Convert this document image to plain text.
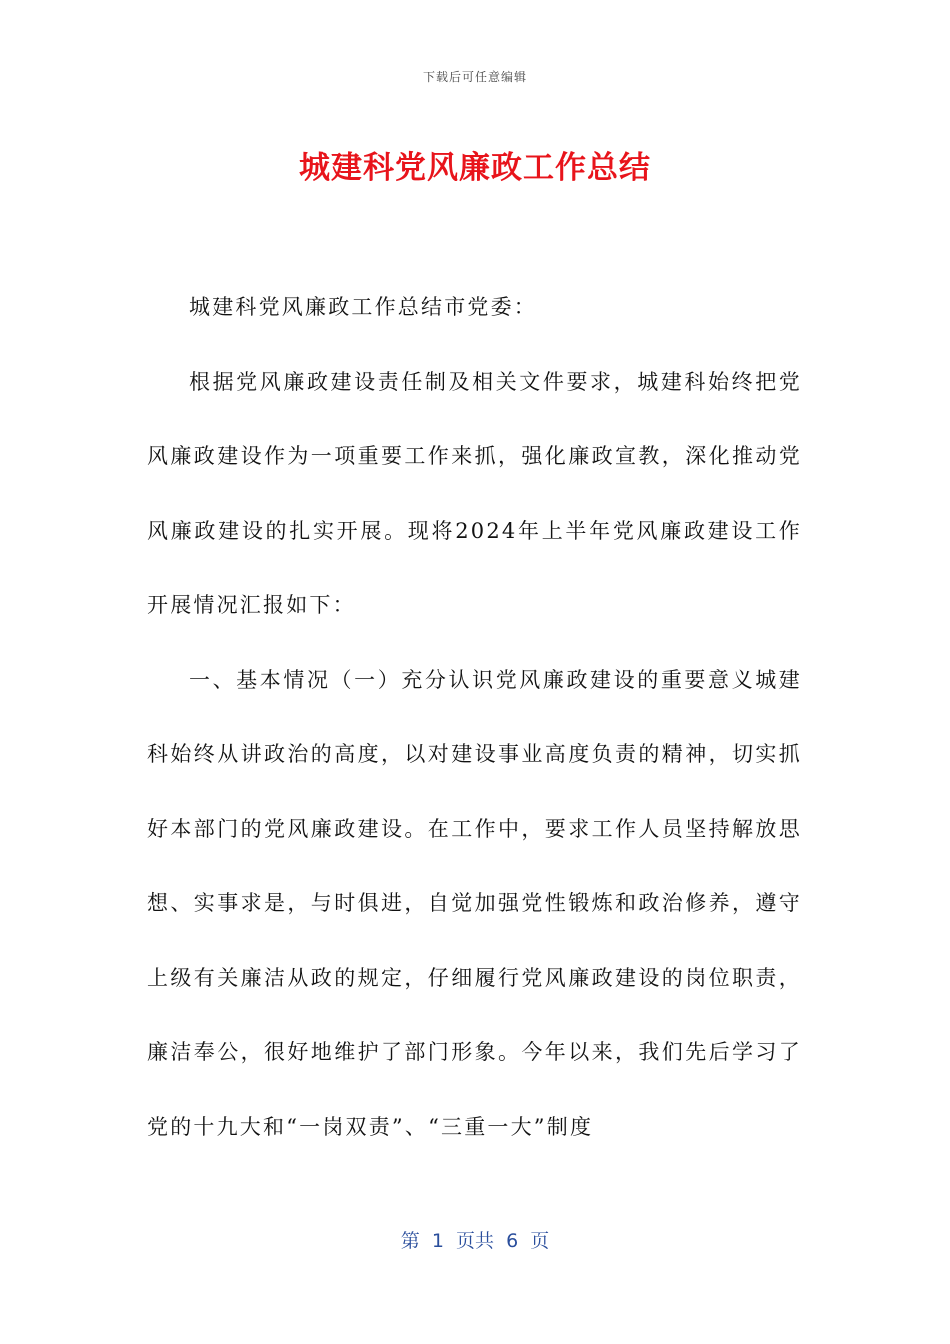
下载后可任意编辑
城建科党风廉政工作总结

城建科党风廉政工作总结市党委：

根据党风廉政建设责任制及相关文件要求，城建科始终把党风廉政建设作为一项重要工作来抓，强化廉政宣教，深化推动党风廉政建设的扎实开展。现将2024年上半年党风廉政建设工作开展情况汇报如下：

一、基本情况（一）充分认识党风廉政建设的重要意义城建科始终从讲政治的高度，以对建设事业高度负责的精神，切实抓好本部门的党风廉政建设。在工作中，要求工作人员坚持解放思想、实事求是，与时俱进，自觉加强党性锻炼和政治修养，遵守上级有关廉洁从政的规定，仔细履行党风廉政建设的岗位职责，廉洁奉公，很好地维护了部门形象。今年以来，我们先后学习了党的十九大和“一岗双责”、“三重一大”制度

第  1  页共  6  页
